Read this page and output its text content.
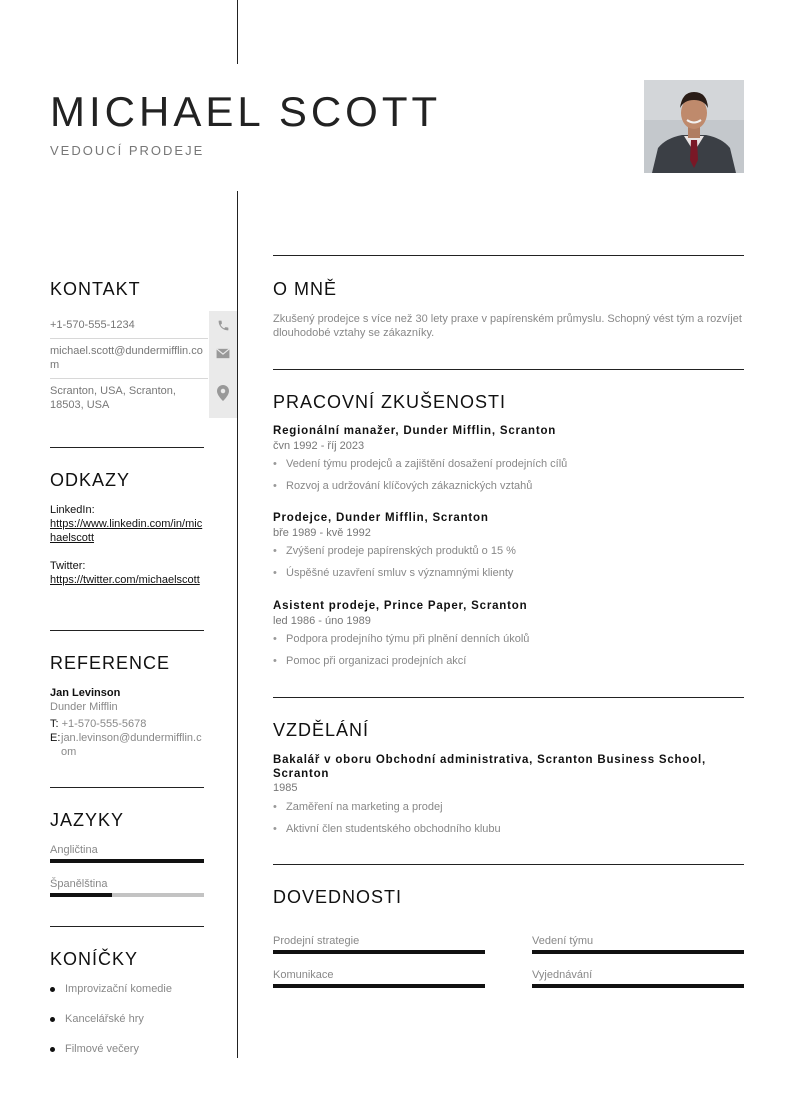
MICHAEL SCOTT
VEDOUCÍ PRODEJE
KONTAKT
+1-570-555-1234
michael.scott@dundermifflin.com
Scranton, USA, Scranton, 18503, USA
ODKAZY
LinkedIn:
https://www.linkedin.com/in/michaelscott
Twitter:
https://twitter.com/michaelscott
REFERENCE
Jan Levinson
Dunder Mifflin
T: +1-570-555-5678
E: jan.levinson@dundermifflin.com
JAZYKY
Angličtina
Španělština
KONÍČKY
Improvizační komedie
Kancelářské hry
Filmové večery
O MNĚ
Zkušený prodejce s více než 30 lety praxe v papírenském průmyslu. Schopný vést tým a rozvíjet dlouhodobé vztahy se zákazníky.
PRACOVNÍ ZKUŠENOSTI
Regionální manažer, Dunder Mifflin, Scranton
čvn 1992 - říj 2023
• Vedení týmu prodejců a zajištění dosažení prodejních cílů
• Rozvoj a udržování klíčových zákaznických vztahů
Prodejce, Dunder Mifflin, Scranton
bře 1989 - kvě 1992
• Zvýšení prodeje papírenských produktů o 15 %
• Úspěšné uzavření smluv s významnými klienty
Asistent prodeje, Prince Paper, Scranton
led 1986 - úno 1989
• Podpora prodejního týmu při plnění denních úkolů
• Pomoc při organizaci prodejních akcí
VZDĚLÁNÍ
Bakalář v oboru Obchodní administrativa, Scranton Business School, Scranton
1985
• Zaměření na marketing a prodej
• Aktivní člen studentského obchodního klubu
DOVEDNOSTI
Prodejní strategie	Vedení týmu
Komunikace	Vyjednávání
